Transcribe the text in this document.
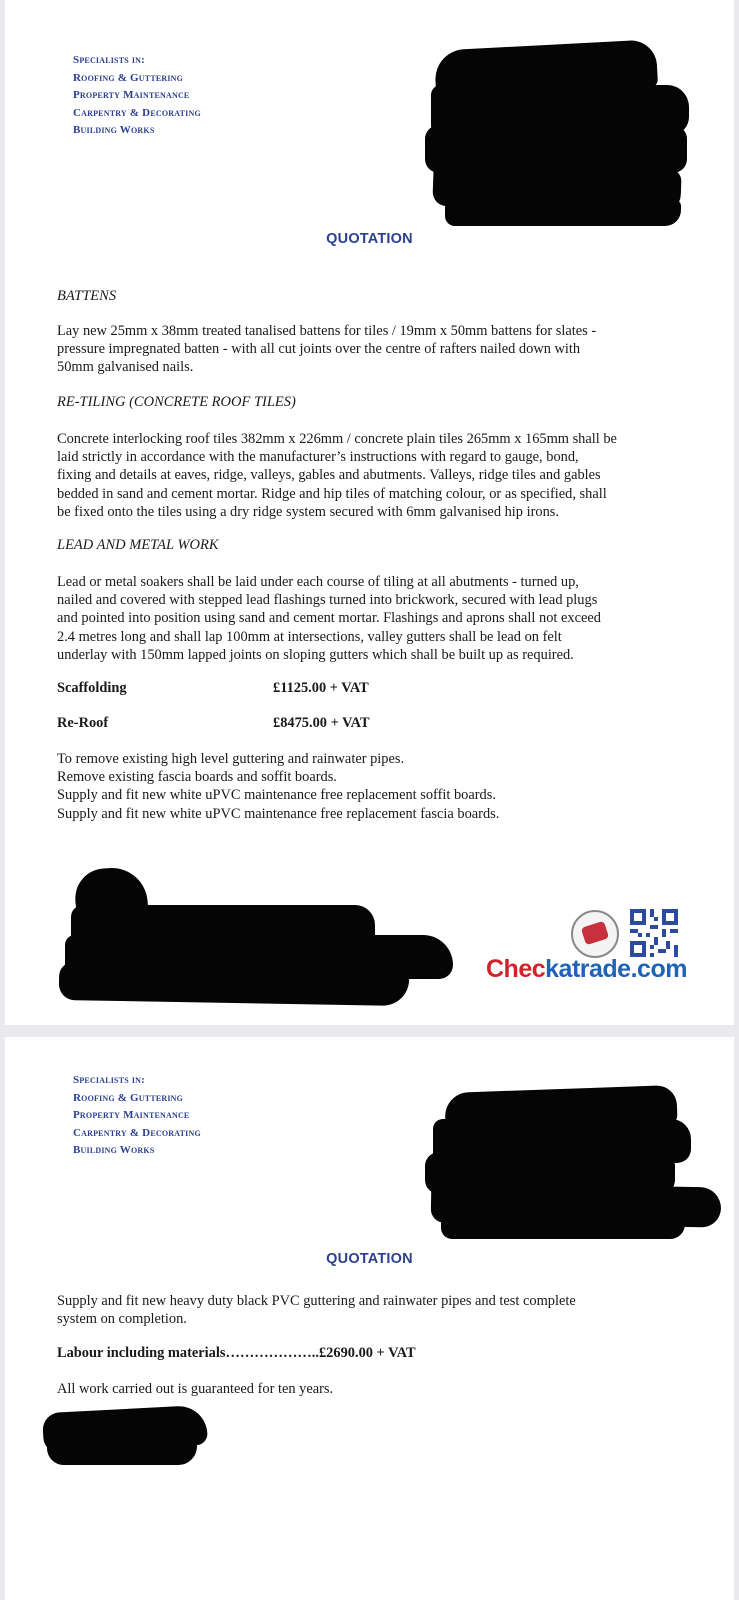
Specialists in:
Roofing & Guttering
Property Maintenance
Carpentry & Decorating
Building Works
QUOTATION
BATTENS
Lay new 25mm x 38mm treated tanalised battens for tiles / 19mm x 50mm battens for slates -
pressure impregnated batten - with all cut joints over the centre of rafters nailed down with
50mm galvanised nails.
RE-TILING (CONCRETE ROOF TILES)
Concrete interlocking roof tiles 382mm x 226mm / concrete plain tiles 265mm x 165mm shall be
laid strictly in accordance with the manufacturer’s instructions with regard to gauge, bond,
fixing and details at eaves, ridge, valleys, gables and abutments. Valleys, ridge tiles and gables
bedded in sand and cement mortar. Ridge and hip tiles of matching colour, or as specified, shall
be fixed onto the tiles using a dry ridge system secured with 6mm galvanised hip irons.
LEAD AND METAL WORK
Lead or metal soakers shall be laid under each course of tiling at all abutments - turned up,
nailed and covered with stepped lead flashings turned into brickwork, secured with lead plugs
and pointed into position using sand and cement mortar. Flashings and aprons shall not exceed
2.4 metres long and shall lap 100mm at intersections, valley gutters shall be lead on felt
underlay with 150mm lapped joints on sloping gutters which shall be built up as required.
Scaffolding	£1125.00 + VAT
Re-Roof	£8475.00 + VAT
To remove existing high level guttering and rainwater pipes.
Remove existing fascia boards and soffit boards.
Supply and fit new white uPVC maintenance free replacement soffit boards.
Supply and fit new white uPVC maintenance free replacement fascia boards.
Checkatrade.com
Specialists in:
Roofing & Guttering
Property Maintenance
Carpentry & Decorating
Building Works
QUOTATION
Supply and fit new heavy duty black PVC guttering and rainwater pipes and test complete
system on completion.
Labour including materials………………..£2690.00 + VAT
All work carried out is guaranteed for ten years.
